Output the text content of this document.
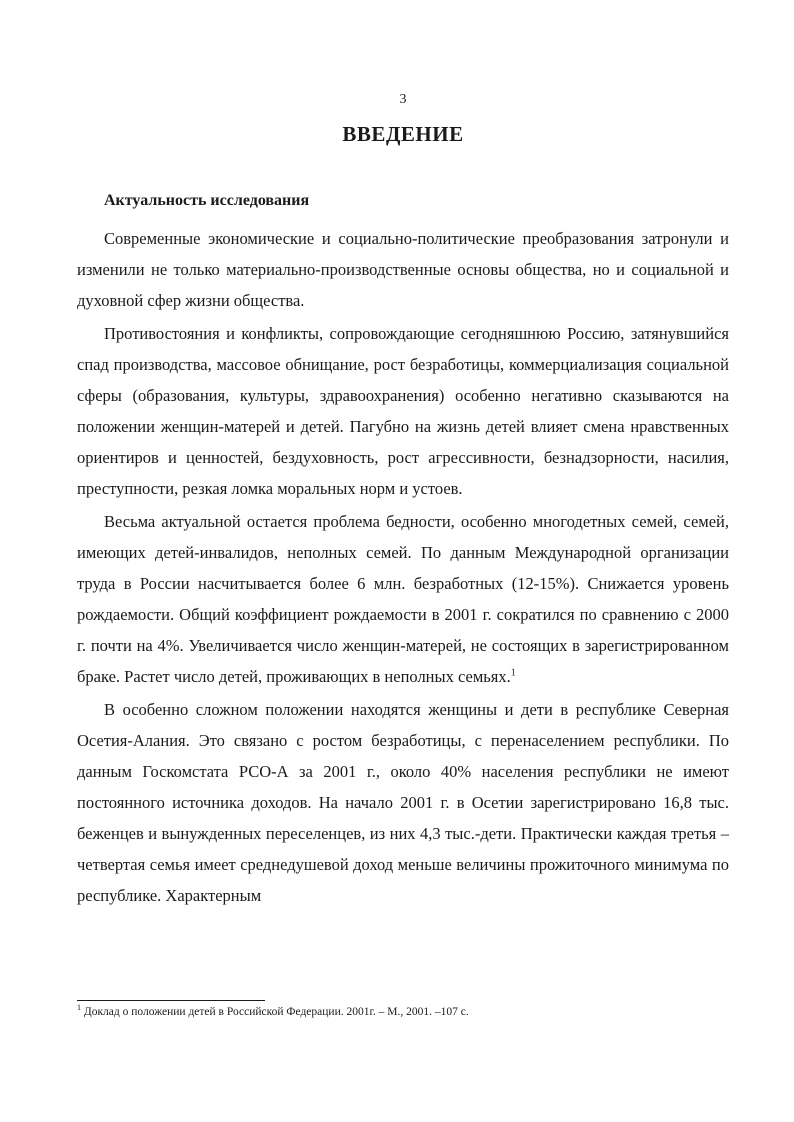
3
ВВЕДЕНИЕ
Актуальность исследования

Современные экономические и социально-политические преобразования затронули и изменили не только материально-производственные основы общества, но и социальной и духовной сфер жизни общества.

Противостояния и конфликты, сопровождающие сегодняшнюю Россию, затянувшийся спад производства, массовое обнищание, рост безработицы, коммерциализация социальной сферы (образования, культуры, здравоохранения) особенно негативно сказываются на положении женщин-матерей и детей. Пагубно на жизнь детей влияет смена нравственных ориентиров и ценностей, бездуховность, рост агрессивности, безнадзорности, насилия, преступности, резкая ломка моральных норм и устоев.

Весьма актуальной остается проблема бедности, особенно многодетных семей, семей, имеющих детей-инвалидов, неполных семей. По данным Международной организации труда в России насчитывается более 6 млн. безработных (12-15%). Снижается уровень рождаемости. Общий коэффициент рождаемости в 2001 г. сократился по сравнению с 2000 г. почти на 4%. Увеличивается число женщин-матерей, не состоящих в зарегистрированном браке. Растет число детей, проживающих в неполных семьях.$^1$

В особенно сложном положении находятся женщины и дети в республике Северная Осетия-Алания. Это связано с ростом безработицы, с перенаселением республики. По данным Госкомстата РСО-А за 2001 г., около 40% населения республики не имеют постоянного источника доходов. На начало 2001 г. в Осетии зарегистрировано 16,8 тыс. беженцев и вынужденных переселенцев, из них 4,3 тыс.-дети. Практически каждая третья – четвертая семья имеет среднедушевой доход меньше величины прожиточного минимума по республике. Характерным

$^1$ Доклад о положении детей в Российской Федерации. 2001г. – М., 2001. –107 с.
